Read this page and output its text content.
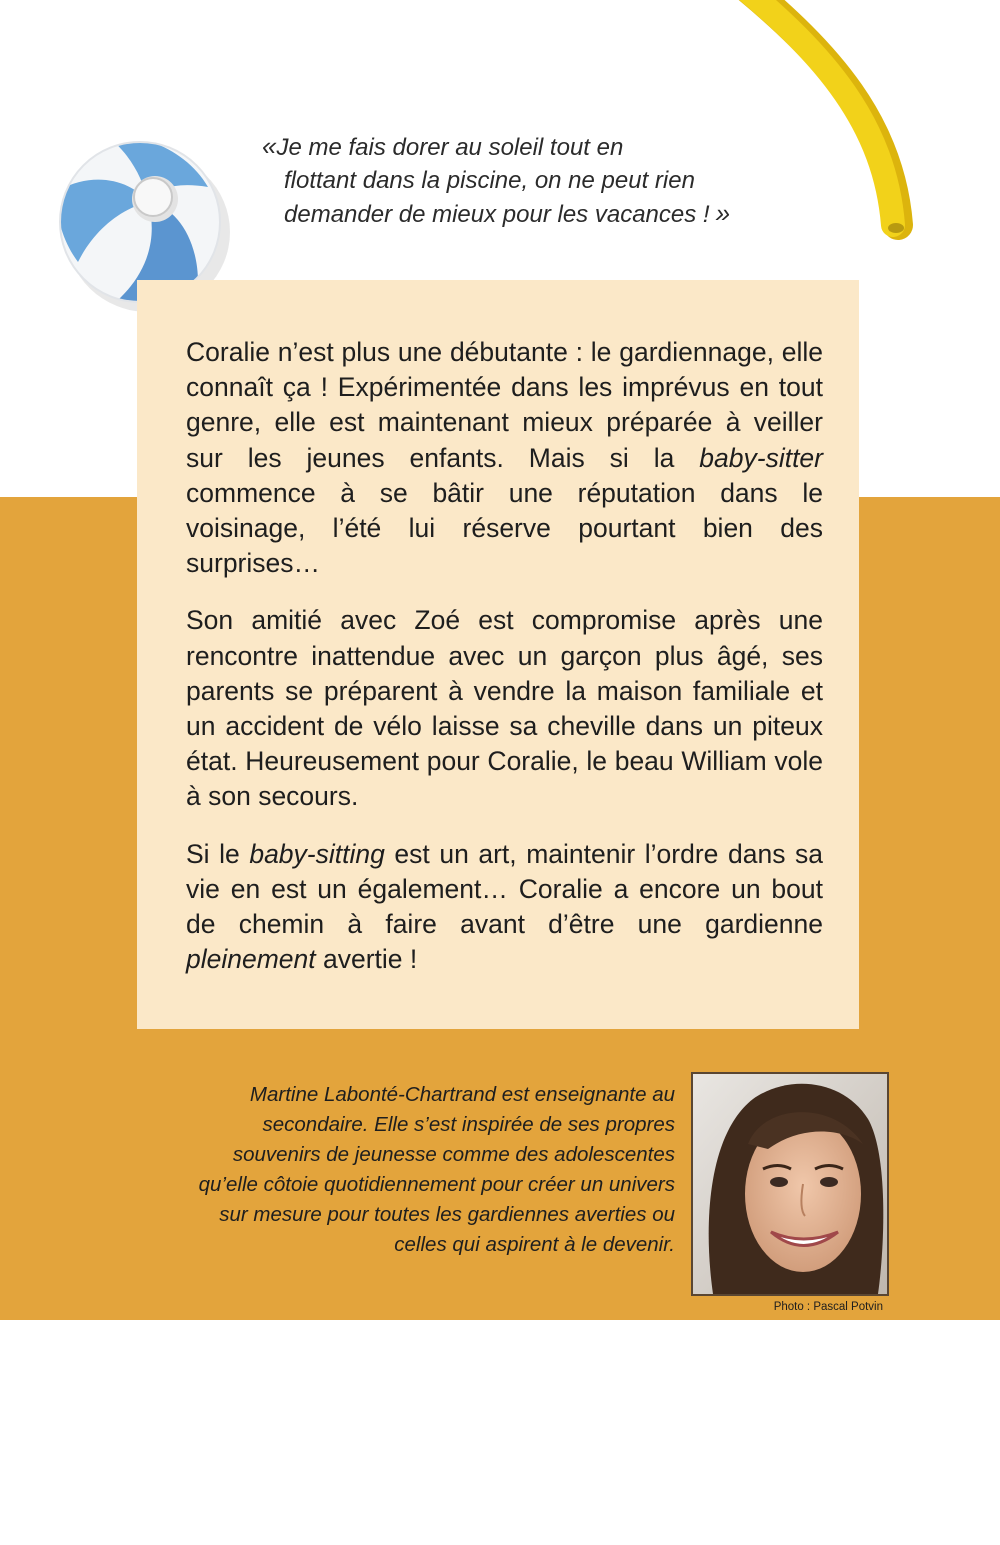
« Je me fais dorer au soleil tout en
flottant dans la piscine, on ne peut rien
demander de mieux pour les vacances ! »

Coralie n’est plus une débutante : le gardiennage, elle connaît ça ! Expérimentée dans les imprévus en tout genre, elle est maintenant mieux préparée à veiller sur les jeunes enfants. Mais si la baby-sitter commence à se bâtir une réputation dans le voisinage, l’été lui réserve pourtant bien des surprises…

Son amitié avec Zoé est compromise après une rencontre inattendue avec un garçon plus âgé, ses parents se préparent à vendre la maison familiale et un accident de vélo laisse sa cheville dans un piteux état. Heureusement pour Coralie, le beau William vole à son secours.

Si le baby-sitting est un art, maintenir l’ordre dans sa vie en est un également… Coralie a encore un bout de chemin à faire avant d’être une gardienne pleinement avertie !

Martine Labonté-Chartrand est enseignante au
secondaire. Elle s’est inspirée de ses propres
souvenirs de jeunesse comme des adolescentes
qu’elle côtoie quotidiennement pour créer un univers
sur mesure pour toutes les gardiennes averties ou
celles qui aspirent à le devenir.
Photo : Pascal Potvin
